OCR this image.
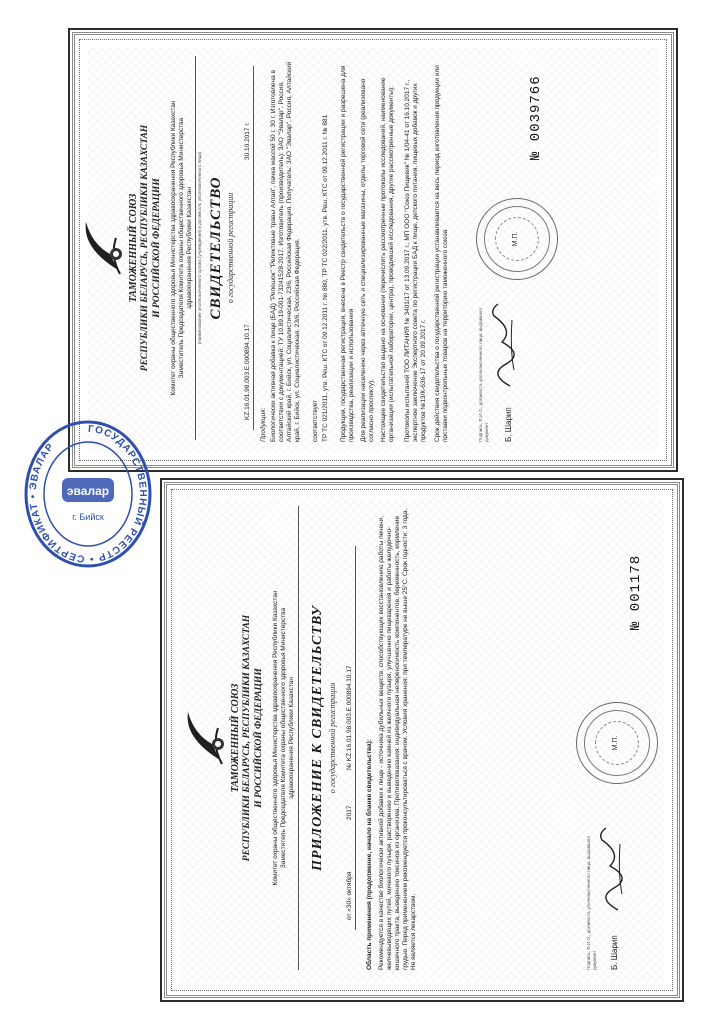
ТАМОЖЕННЫЙ СОЮЗ РЕСПУБЛИКИ БЕЛАРУСЬ, РЕСПУБЛИКИ КАЗАХСТАН И РОССИЙСКОЙ ФЕДЕРАЦИИ Комитет охраны общественного здоровья Министерства здравоохранения Республики Казахстан Заместитель Председателя Комитета охраны общественного здоровья Министерства здравоохранения Республики Казахстан (наименование уполномоченного органа (учреждения) и должность уполномоченного лица) СВИДЕТЕЛЬСТВО о государственной регистрации
KZ.16.01.98.003.E.000894.10.17
30.10.2017 г.
Продукция: Биологически активная добавка к пище (БАД) "Репешок" "Реликтовые травы Алтая", пачка массой 50 г, 30 г. Изготовлена в соответствии с документацией: ТУ 10.89.19-001-73241528-2017. Изготовитель (производитель): ЗАО "Эвалар", Россия, Алтайский край, г. Бийск, ул. Социалистическая, 23/6, Российская Федерация. Получатель: ЗАО "Эвалар", Россия, Алтайский край, г. Бийск, ул. Социалистическая, 23/6, Российская Федерация. соответствует ТР ТС 021/2011, утв. Реш. КТС от 09.12.2011 г. № 880, ТР ТС 022/2011, утв. Реш. КТС от 09.12.2011 г. № 881 Продукция, государственная регистрация, внесена в Реестр свидетельств о государственной регистрации и разрешена для производства, реализации и использования Для реализации населению через аптечную сеть и специализированные магазины, отделы торговой сети (реализовано согласно проспекту). Настоящее свидетельство выдано на основании (перечислить рассмотренные протоколы исследований, наименование организации (испытательной лаборатории, центра), проводившей исследования, другие рассмотренные документы): Протоколы испытаний ТОО ЛИТАНИЯ № 3401/17 от 13.09.2017 г., МП ООО "Союз Пищевик" № 1/04-41 от 16.10.2017 г., экспертное заключение Экспертного совета по регистрации БАД к пище, детского питания, пищевых добавок и других продуктов №13/К-636-17 от 20.09.2017 г. Срок действия свидетельства о государственной регистрации устанавливается на весь период изготовления продукции или поставки подконтрольных товаров на территорию таможенного союза	Подпись, Ф.И.О., должность уполномоченного лица, выдавшего документ Б. Шарип
М.П.
№ 0039766
ТАМОЖЕННЫЙ СОЮЗ РЕСПУБЛИКИ БЕЛАРУСЬ, РЕСПУБЛИКИ КАЗАХСТАН И РОССИЙСКОЙ ФЕДЕРАЦИИ Комитет охраны общественного здоровья Министерства здравоохранения Республики Казахстан Заместитель Председателя Комитета охраны общественного здоровья Министерства здравоохранения Республики Казахстан ПРИЛОЖЕНИЕ К СВИДЕТЕЛЬСТВУ о государственной регистрации
от «30» октября
2017
№ KZ.16.01.98.003.E.000894.10.17
Область применения (продолжение, начало на бланке свидетельства): Рекомендуется в качестве биологически активной добавки к пище - источника дубильных веществ, способствующих восстановлению работы печени, желчевыводящих путей, мочевого пузыря, растворению и выведению камней из желчного пузыря, улучшению пищеварения и работы желудочно-кишечного тракта, выведению токсинов из организма. Противопоказания: индивидуальная непереносимость компонентов, беременность, кормление грудью. Перед применением рекомендуется проконсультироваться с врачом. Условия хранения: при температуре не выше 25°С. Срок годности: 3 года. Не является лекарством.	Подпись, Ф.И.О., должность уполномоченного лица, выдавшего документ Б. Шарип
М.П.
№ 001178
ГОСУДАРСТВЕННЫЙ РЕЕСТР • СЕРТИФИКАТ • ЭВАЛАР
эвалар
г. Бийск
